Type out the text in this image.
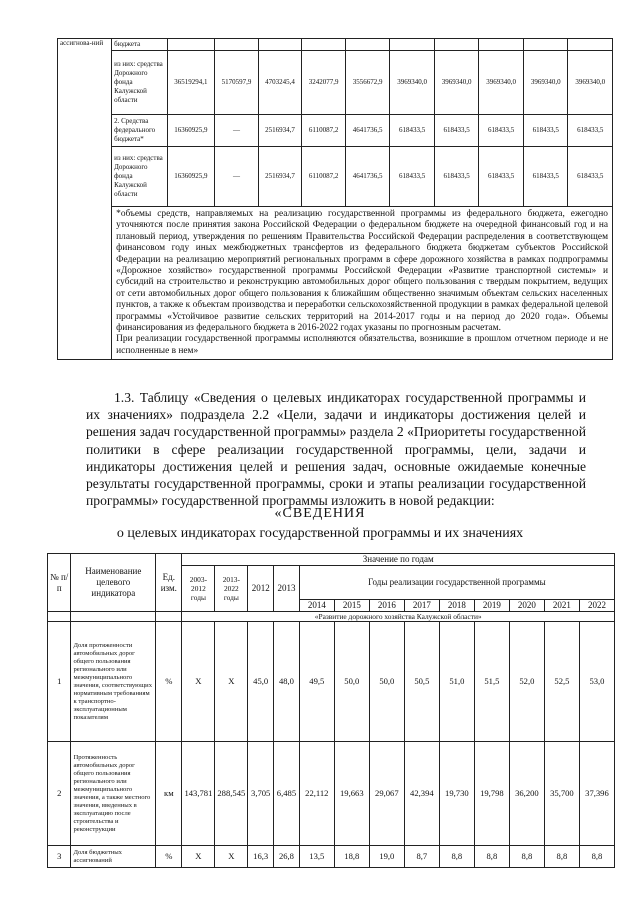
ассигнова-ний	бюджета										
	из них: средства Дорожного фонда Калужской области	36519294,1	5170597,9	4703245,4	3242077,9	3556672,9	3969340,0	3969340,0	3969340,0	3969340,0	3969340,0
	2. Средства федерального бюджета*	16360925,9	—	2516934,7	6110087,2	4641736,5	618433,5	618433,5	618433,5	618433,5	618433,5
	из них: средства Дорожного фонда Калужской области	16360925,9	—	2516934,7	6110087,2	4641736,5	618433,5	618433,5	618433,5	618433,5	618433,5

	*объемы средств, направляемых на реализацию государственной программы из федерального бюджета, ежегодно уточняются после принятия закона Российской Федерации о федеральном бюджете на очередной финансовый год и на плановый период, утверждения по решениям Правительства Российской Федерации распределения в соответствующем финансовом году иных межбюджетных трансфертов из федерального бюджета бюджетам субъектов Российской Федерации на реализацию мероприятий региональных программ в сфере дорожного хозяйства в рамках подпрограммы «Дорожное хозяйство» государственной программы Российской Федерации «Развитие транспортной системы» и субсидий на строительство и реконструкцию автомобильных дорог общего пользования с твердым покрытием, ведущих от сети автомобильных дорог общего пользования к ближайшим общественно значимым объектам сельских населенных пунктов, а также к объектам производства и переработки сельскохозяйственной продукции в рамках федеральной целевой программы «Устойчивое развитие сельских территорий на 2014-2017 годы и на период до 2020 года». Объемы финансирования из федерального бюджета в 2016-2022 годах указаны по прогнозным расчетам.

При реализации государственной программы исполняются обязательства, возникшие в прошлом отчетном периоде и не исполненные в нем»										

1.3. Таблицу «Сведения о целевых индикаторах государственной программы и их значениях» подраздела 2.2 «Цели, задачи и индикаторы достижения целей и решения задач государственной программы» раздела 2 «Приоритеты государственной политики в сфере реализации государственной программы, цели, задачи и индикаторы достижения целей и решения задач, основные ожидаемые конечные результаты государственной программы, сроки и этапы реализации государственной программы» государственной программы изложить в новой редакции:

«СВЕДЕНИЯ
о целевых индикаторах государственной программы и их значениях
№ п/п	Наименование целевого индикатора	Ед. изм.	Значение по годам												
			2003-2012 годы	2013-2022 годы	2012	2013	Годы реализации государственной программы								
							2014	2015	2016	2017	2018	2019	2020	2021	2022
			«Развитие дорожного хозяйства Калужской области»												
1	Доля протяженности автомобильных дорог общего пользования регионального или межмуниципального значения, соответствующих нормативным требованиям к транспортно-эксплуатационным показателям	%	X	X	45,0	48,0	49,5	50,0	50,0	50,5	51,0	51,5	52,0	52,5	53,0
2	Протяженность автомобильных дорог общего пользования регионального или межмуниципального значения, а также местного значения, введенных в эксплуатацию после строительства и реконструкции	км	143,781	288,545	3,705	6,485	22,112	19,663	29,067	42,394	19,730	19,798	36,200	35,700	37,396
3	Доля бюджетных ассигнований	%	X	X	16,3	26,8	13,5	18,8	19,0	8,7	8,8	8,8	8,8	8,8	8,8
